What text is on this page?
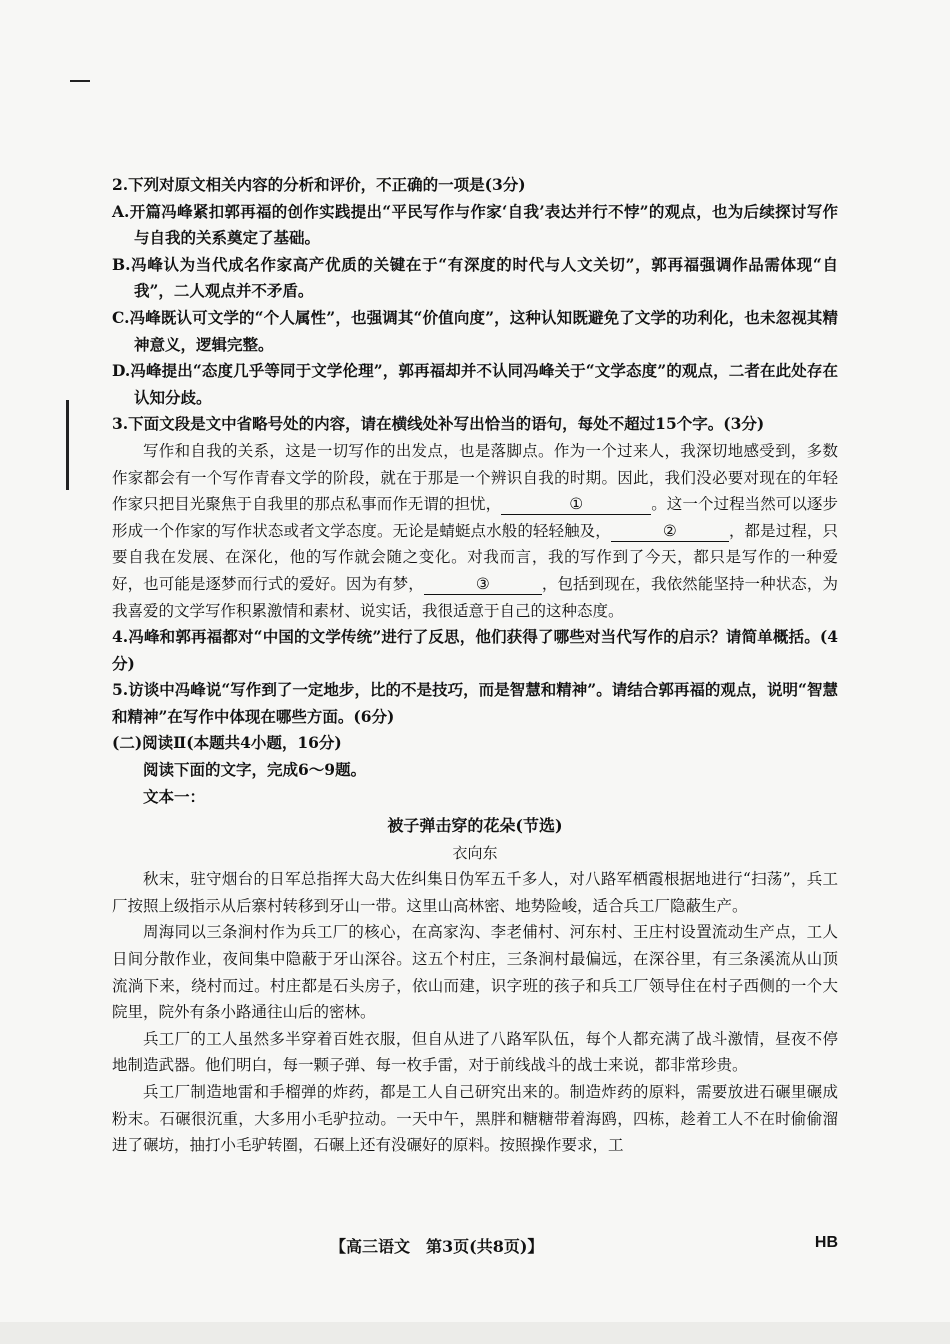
2.下列对原文相关内容的分析和评价，不正确的一项是(3分)

A.开篇冯峰紧扣郭再福的创作实践提出“平民写作与作家‘自我’表达并行不悖”的观点，也为后续探讨写作与自我的关系奠定了基础。

B.冯峰认为当代成名作家高产优质的关键在于“有深度的时代与人文关切”，郭再福强调作品需体现“自我”，二人观点并不矛盾。

C.冯峰既认可文学的“个人属性”，也强调其“价值向度”，这种认知既避免了文学的功利化，也未忽视其精神意义，逻辑完整。

D.冯峰提出“态度几乎等同于文学伦理”，郭再福却并不认同冯峰关于“文学态度”的观点，二者在此处存在认知分歧。

3.下面文段是文中省略号处的内容，请在横线处补写出恰当的语句，每处不超过15个字。(3分)

写作和自我的关系，这是一切写作的出发点，也是落脚点。作为一个过来人，我深切地感受到，多数作家都会有一个写作青春文学的阶段，就在于那是一个辨识自我的时期。因此，我们没必要对现在的年轻作家只把目光聚焦于自我里的那点私事而作无谓的担忧，	①	。这一个过程当然可以逐步形成一个作家的写作状态或者文学态度。无论是蜻蜓点水般的轻轻触及，	②	，都是过程，只要自我在发展、在深化，他的写作就会随之变化。对我而言，我的写作到了今天，都只是写作的一种爱好，也可能是逐梦而行式的爱好。因为有梦，	③	，包括到现在，我依然能坚持一种状态，为我喜爱的文学写作积累激情和素材、说实话，我很适意于自己的这种态度。

4.冯峰和郭再福都对“中国的文学传统”进行了反思，他们获得了哪些对当代写作的启示？请简单概括。(4分)

5.访谈中冯峰说“写作到了一定地步，比的不是技巧，而是智慧和精神”。请结合郭再福的观点，说明“智慧和精神”在写作中体现在哪些方面。(6分)

(二)阅读Ⅱ(本题共4小题，16分)

阅读下面的文字，完成6～9题。

文本一：

被子弹击穿的花朵(节选)

衣向东

秋末，驻守烟台的日军总指挥大岛大佐纠集日伪军五千多人，对八路军栖霞根据地进行“扫荡”，兵工厂按照上级指示从后寨村转移到牙山一带。这里山高林密、地势险峻，适合兵工厂隐蔽生产。

周海同以三条涧村作为兵工厂的核心，在高家沟、李老俌村、河东村、王庄村设置流动生产点，工人日间分散作业，夜间集中隐蔽于牙山深谷。这五个村庄，三条涧村最偏远，在深谷里，有三条溪流从山顶流淌下来，绕村而过。村庄都是石头房子，依山而建，识字班的孩子和兵工厂领导住在村子西侧的一个大院里，院外有条小路通往山后的密林。

兵工厂的工人虽然多半穿着百姓衣服，但自从进了八路军队伍，每个人都充满了战斗激情，昼夜不停地制造武器。他们明白，每一颗子弹、每一枚手雷，对于前线战斗的战士来说，都非常珍贵。

兵工厂制造地雷和手榴弹的炸药，都是工人自己研究出来的。制造炸药的原料，需要放进石碾里碾成粉末。石碾很沉重，大多用小毛驴拉动。一天中午，黑胖和糖糖带着海鸥，四栋，趁着工人不在时偷偷溜进了碾坊，抽打小毛驴转圈，石碾上还有没碾好的原料。按照操作要求，工

【高三语文　第3页(共8页)】	HB
